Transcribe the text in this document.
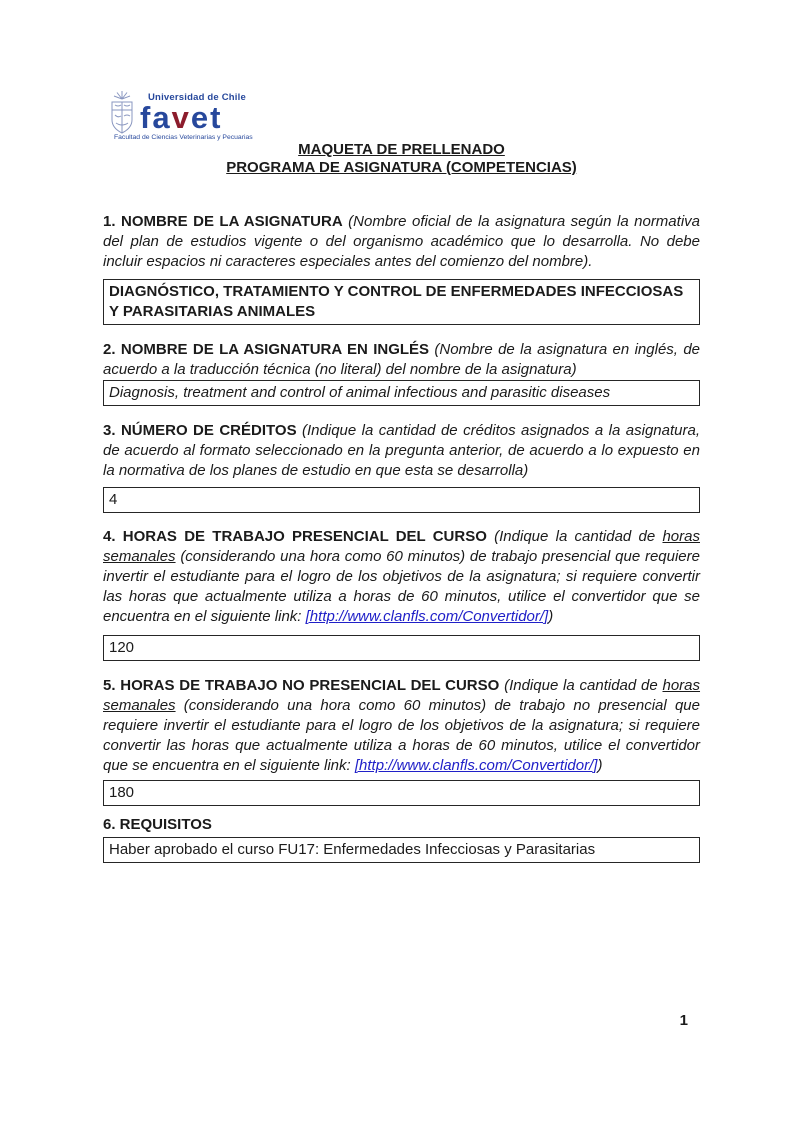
Universidad de Chile
favet
Facultad de Ciencias Veterinarias y Pecuarias
MAQUETA DE PRELLENADO
PROGRAMA DE ASIGNATURA (COMPETENCIAS)

1. NOMBRE DE LA ASIGNATURA (Nombre oficial de la asignatura según la normativa del plan de estudios vigente o del organismo académico que lo desarrolla. No debe incluir espacios ni caracteres especiales antes del comienzo del nombre).

DIAGNÓSTICO, TRATAMIENTO Y CONTROL DE ENFERMEDADES INFECCIOSAS Y PARASITARIAS ANIMALES

2. NOMBRE DE LA ASIGNATURA EN INGLÉS (Nombre de la asignatura en inglés, de acuerdo a la traducción técnica (no literal) del nombre de la asignatura)

Diagnosis, treatment and control of animal infectious and parasitic diseases

3. NÚMERO DE CRÉDITOS (Indique la cantidad de créditos asignados a la asignatura, de acuerdo al formato seleccionado en la pregunta anterior, de acuerdo a lo expuesto en la normativa de los planes de estudio en que esta se desarrolla)

4

4. HORAS DE TRABAJO PRESENCIAL DEL CURSO (Indique la cantidad de horas semanales (considerando una hora como 60 minutos) de trabajo presencial que requiere invertir el estudiante para el logro de los objetivos de la asignatura; si requiere convertir las horas que actualmente utiliza a horas de 60 minutos, utilice el convertidor que se encuentra en el siguiente link: [http://www.clanfls.com/Convertidor/])

120

5. HORAS DE TRABAJO NO PRESENCIAL DEL CURSO (Indique la cantidad de horas semanales (considerando una hora como 60 minutos) de trabajo no presencial que requiere invertir el estudiante para el logro de los objetivos de la asignatura; si requiere convertir las horas que actualmente utiliza a horas de 60 minutos, utilice el convertidor que se encuentra en el siguiente link: [http://www.clanfls.com/Convertidor/])

180

6. REQUISITOS

Haber aprobado el curso FU17: Enfermedades Infecciosas y Parasitarias
1
